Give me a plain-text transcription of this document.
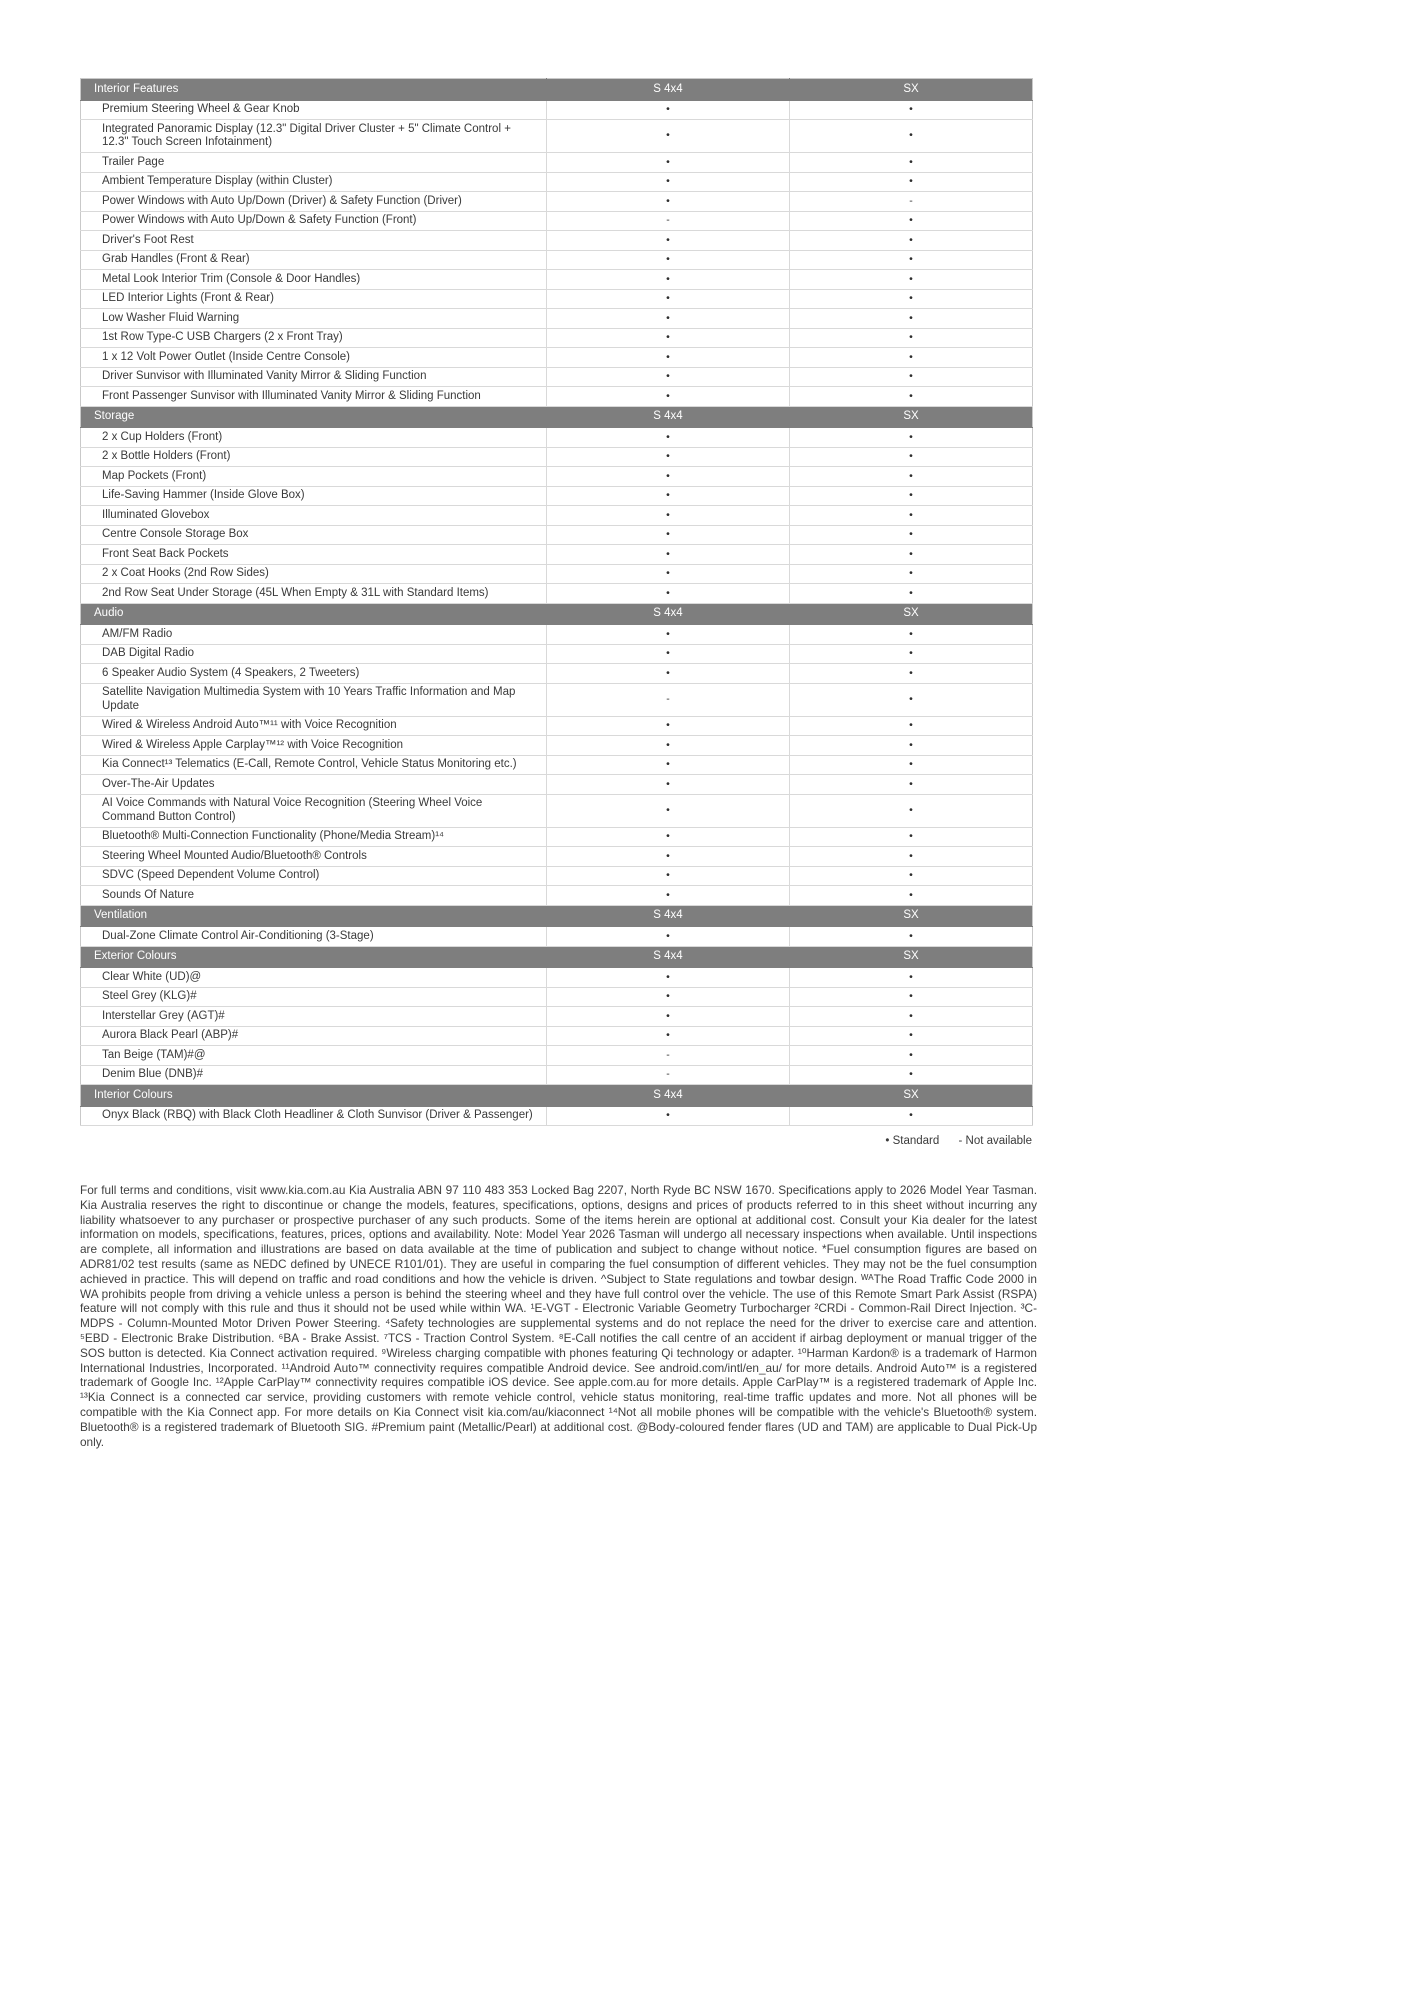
Interior Features	S 4x4	SX
Premium Steering Wheel & Gear Knob	•	•
Integrated Panoramic Display (12.3" Digital Driver Cluster + 5" Climate Control + 12.3" Touch Screen Infotainment)	•	•
Trailer Page	•	•
Ambient Temperature Display (within Cluster)	•	•
Power Windows with Auto Up/Down (Driver) & Safety Function (Driver)	•	-
Power Windows with Auto Up/Down & Safety Function (Front)	-	•
Driver's Foot Rest	•	•
Grab Handles (Front & Rear)	•	•
Metal Look Interior Trim (Console & Door Handles)	•	•
LED Interior Lights (Front & Rear)	•	•
Low Washer Fluid Warning	•	•
1st Row Type-C USB Chargers (2 x Front Tray)	•	•
1 x 12 Volt Power Outlet (Inside Centre Console)	•	•
Driver Sunvisor with Illuminated Vanity Mirror & Sliding Function	•	•
Front Passenger Sunvisor with Illuminated Vanity Mirror & Sliding Function	•	•
Storage	S 4x4	SX
2 x Cup Holders (Front)	•	•
2 x Bottle Holders (Front)	•	•
Map Pockets (Front)	•	•
Life-Saving Hammer (Inside Glove Box)	•	•
Illuminated Glovebox	•	•
Centre Console Storage Box	•	•
Front Seat Back Pockets	•	•
2 x Coat Hooks (2nd Row Sides)	•	•
2nd Row Seat Under Storage (45L When Empty & 31L with Standard Items)	•	•
Audio	S 4x4	SX
AM/FM Radio	•	•
DAB Digital Radio	•	•
6 Speaker Audio System (4 Speakers, 2 Tweeters)	•	•
Satellite Navigation Multimedia System with 10 Years Traffic Information and Map Update	-	•
Wired & Wireless Android Auto™¹¹ with Voice Recognition	•	•
Wired & Wireless Apple Carplay™¹² with Voice Recognition	•	•
Kia Connect¹³ Telematics (E-Call, Remote Control, Vehicle Status Monitoring etc.)	•	•
Over-The-Air Updates	•	•
AI Voice Commands with Natural Voice Recognition (Steering Wheel Voice Command Button Control)	•	•
Bluetooth® Multi-Connection Functionality (Phone/Media Stream)¹⁴	•	•
Steering Wheel Mounted Audio/Bluetooth® Controls	•	•
SDVC (Speed Dependent Volume Control)	•	•
Sounds Of Nature	•	•
Ventilation	S 4x4	SX
Dual-Zone Climate Control Air-Conditioning (3-Stage)	•	•
Exterior Colours	S 4x4	SX
Clear White (UD)@	•	•
Steel Grey (KLG)#	•	•
Interstellar Grey (AGT)#	•	•
Aurora Black Pearl (ABP)#	•	•
Tan Beige (TAM)#@	-	•
Denim Blue (DNB)#	-	•
Interior Colours	S 4x4	SX
Onyx Black (RBQ) with Black Cloth Headliner & Cloth Sunvisor (Driver & Passenger)	•	•
• Standard - Not available

For full terms and conditions, visit www.kia.com.au Kia Australia ABN 97 110 483 353 Locked Bag 2207, North Ryde BC NSW 1670. Specifications apply to 2026 Model Year Tasman. Kia Australia reserves the right to discontinue or change the models, features, specifications, options, designs and prices of products referred to in this sheet without incurring any liability whatsoever to any purchaser or prospective purchaser of any such products. Some of the items herein are optional at additional cost. Consult your Kia dealer for the latest information on models, specifications, features, prices, options and availability. Note: Model Year 2026 Tasman will undergo all necessary inspections when available. Until inspections are complete, all information and illustrations are based on data available at the time of publication and subject to change without notice. *Fuel consumption figures are based on ADR81/02 test results (same as NEDC defined by UNECE R101/01). They are useful in comparing the fuel consumption of different vehicles. They may not be the fuel consumption achieved in practice. This will depend on traffic and road conditions and how the vehicle is driven. ^Subject to State regulations and towbar design. ᵂᴬThe Road Traffic Code 2000 in WA prohibits people from driving a vehicle unless a person is behind the steering wheel and they have full control over the vehicle. The use of this Remote Smart Park Assist (RSPA) feature will not comply with this rule and thus it should not be used while within WA. ¹E-VGT - Electronic Variable Geometry Turbocharger ²CRDi - Common-Rail Direct Injection. ³C-MDPS - Column-Mounted Motor Driven Power Steering. ⁴Safety technologies are supplemental systems and do not replace the need for the driver to exercise care and attention. ⁵EBD - Electronic Brake Distribution. ⁶BA - Brake Assist. ⁷TCS - Traction Control System. ⁸E-Call notifies the call centre of an accident if airbag deployment or manual trigger of the SOS button is detected. Kia Connect activation required. ⁹Wireless charging compatible with phones featuring Qi technology or adapter. ¹⁰Harman Kardon® is a trademark of Harmon International Industries, Incorporated. ¹¹Android Auto™ connectivity requires compatible Android device. See android.com/intl/en_au/ for more details. Android Auto™ is a registered trademark of Google Inc. ¹²Apple CarPlay™ connectivity requires compatible iOS device. See apple.com.au for more details. Apple CarPlay™ is a registered trademark of Apple Inc. ¹³Kia Connect is a connected car service, providing customers with remote vehicle control, vehicle status monitoring, real-time traffic updates and more. Not all phones will be compatible with the Kia Connect app. For more details on Kia Connect visit kia.com/au/kiaconnect ¹⁴Not all mobile phones will be compatible with the vehicle's Bluetooth® system. Bluetooth® is a registered trademark of Bluetooth SIG. #Premium paint (Metallic/Pearl) at additional cost. @Body-coloured fender flares (UD and TAM) are applicable to Dual Pick-Up only.
